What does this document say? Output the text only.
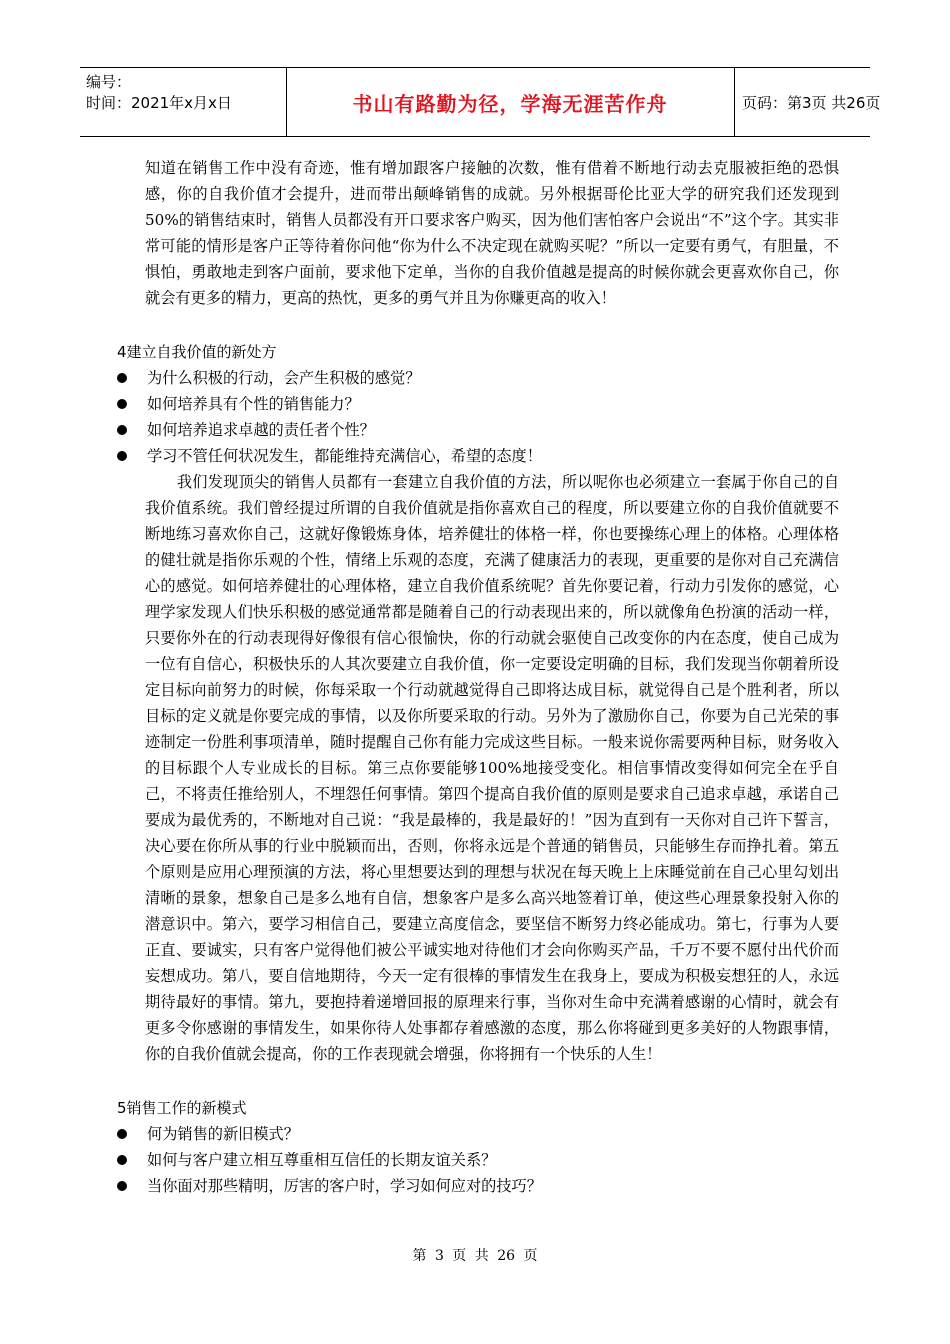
编号：
时间：2021年x月x日	书山有路勤为径，学海无涯苦作舟	页码：第3页 共26页

知道在销售工作中没有奇迹，惟有增加跟客户接触的次数，惟有借着不断地行动去克服被拒绝的恐惧感，你的自我价值才会提升，进而带出颠峰销售的成就。另外根据哥伦比亚大学的研究我们还发现到50%的销售结束时，销售人员都没有开口要求客户购买，因为他们害怕客户会说出“不”这个字。其实非常可能的情形是客户正等待着你问他“你为什么不决定现在就购买呢？”所以一定要有勇气，有胆量，不惧怕，勇敢地走到客户面前，要求他下定单，当你的自我价值越是提高的时候你就会更喜欢你自己，你就会有更多的精力，更高的热忱，更多的勇气并且为你赚更高的收入！

4建立自我价值的新处方
为什么积极的行动，会产生积极的感觉？
如何培养具有个性的销售能力？
如何培养追求卓越的责任者个性？
学习不管任何状况发生，都能维持充满信心，希望的态度！

我们发现顶尖的销售人员都有一套建立自我价值的方法，所以呢你也必须建立一套属于你自己的自我价值系统。我们曾经提过所谓的自我价值就是指你喜欢自己的程度，所以要建立你的自我价值就要不断地练习喜欢你自己，这就好像锻炼身体，培养健壮的体格一样，你也要操练心理上的体格。心理体格的健壮就是指你乐观的个性，情绪上乐观的态度，充满了健康活力的表现，更重要的是你对自己充满信心的感觉。如何培养健壮的心理体格，建立自我价值系统呢？首先你要记着，行动力引发你的感觉，心理学家发现人们快乐积极的感觉通常都是随着自己的行动表现出来的，所以就像角色扮演的活动一样，只要你外在的行动表现得好像很有信心很愉快，你的行动就会驱使自己改变你的内在态度，使自己成为一位有自信心，积极快乐的人其次要建立自我价值，你一定要设定明确的目标，我们发现当你朝着所设定目标向前努力的时候，你每采取一个行动就越觉得自己即将达成目标，就觉得自己是个胜利者，所以目标的定义就是你要完成的事情，以及你所要采取的行动。另外为了激励你自己，你要为自己光荣的事迹制定一份胜利事项清单，随时提醒自己你有能力完成这些目标。一般来说你需要两种目标，财务收入的目标跟个人专业成长的目标。第三点你要能够100%地接受变化。相信事情改变得如何完全在乎自己，不将责任推给别人，不埋怨任何事情。第四个提高自我价值的原则是要求自己追求卓越，承诺自己要成为最优秀的，不断地对自己说：“我是最棒的，我是最好的！”因为直到有一天你对自己许下誓言，决心要在你所从事的行业中脱颖而出，否则，你将永远是个普通的销售员，只能够生存而挣扎着。第五个原则是应用心理预演的方法，将心里想要达到的理想与状况在每天晚上上床睡觉前在自己心里勾划出清晰的景象，想象自己是多么地有自信，想象客户是多么高兴地签着订单，使这些心理景象投射入你的潜意识中。第六，要学习相信自己，要建立高度信念，要坚信不断努力终必能成功。第七，行事为人要正直、要诚实，只有客户觉得他们被公平诚实地对待他们才会向你购买产品，千万不要不愿付出代价而妄想成功。第八，要自信地期待，今天一定有很棒的事情发生在我身上，要成为积极妄想狂的人，永远期待最好的事情。第九，要抱持着递增回报的原理来行事，当你对生命中充满着感谢的心情时，就会有更多令你感谢的事情发生，如果你待人处事都存着感激的态度，那么你将碰到更多美好的人物跟事情，你的自我价值就会提高，你的工作表现就会增强，你将拥有一个快乐的人生！

5销售工作的新模式
何为销售的新旧模式？
如何与客户建立相互尊重相互信任的长期友谊关系？
当你面对那些精明，厉害的客户时，学习如何应对的技巧？
第 3 页 共 26 页
